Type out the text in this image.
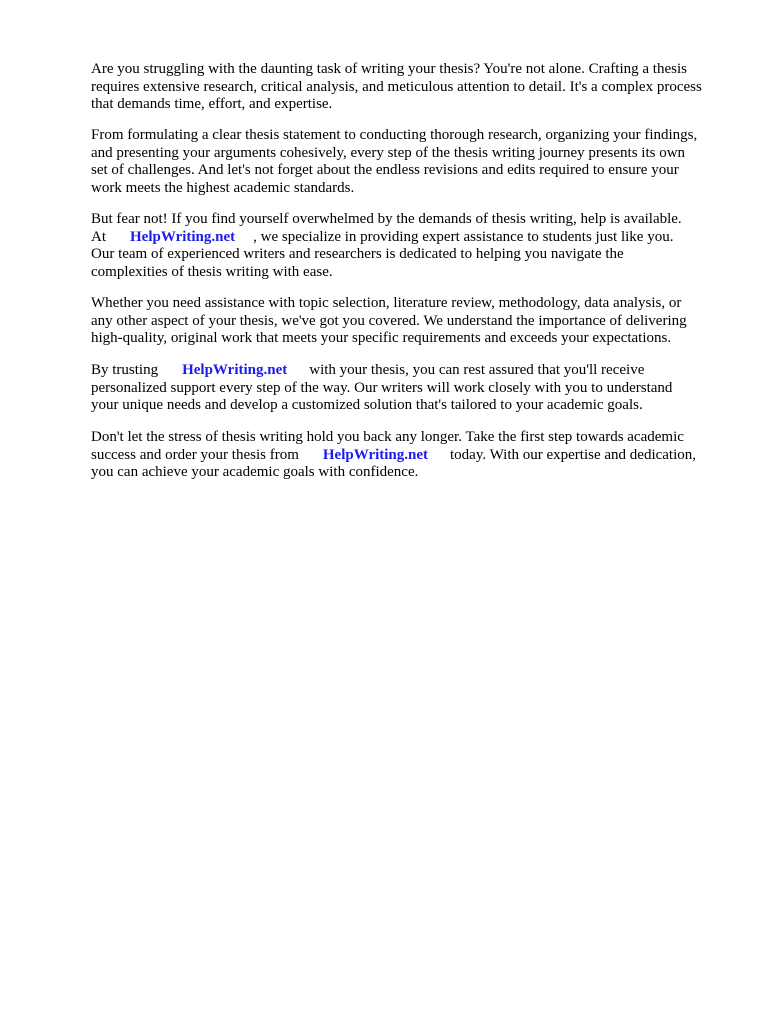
Are you struggling with the daunting task of writing your thesis? You're not alone. Crafting a thesis
requires extensive research, critical analysis, and meticulous attention to detail. It's a complex process
that demands time, effort, and expertise.

From formulating a clear thesis statement to conducting thorough research, organizing your findings,
and presenting your arguments cohesively, every step of the thesis writing journey presents its own
set of challenges. And let's not forget about the endless revisions and edits required to ensure your
work meets the highest academic standards.

But fear not! If you find yourself overwhelmed by the demands of thesis writing, help is available.
At HelpWriting.net , we specialize in providing expert assistance to students just like you.
Our team of experienced writers and researchers is dedicated to helping you navigate the
complexities of thesis writing with ease.

Whether you need assistance with topic selection, literature review, methodology, data analysis, or
any other aspect of your thesis, we've got you covered. We understand the importance of delivering
high-quality, original work that meets your specific requirements and exceeds your expectations.

By trusting HelpWriting.net with your thesis, you can rest assured that you'll receive
personalized support every step of the way. Our writers will work closely with you to understand
your unique needs and develop a customized solution that's tailored to your academic goals.

Don't let the stress of thesis writing hold you back any longer. Take the first step towards academic
success and order your thesis from HelpWriting.net today. With our expertise and dedication,
you can achieve your academic goals with confidence.
